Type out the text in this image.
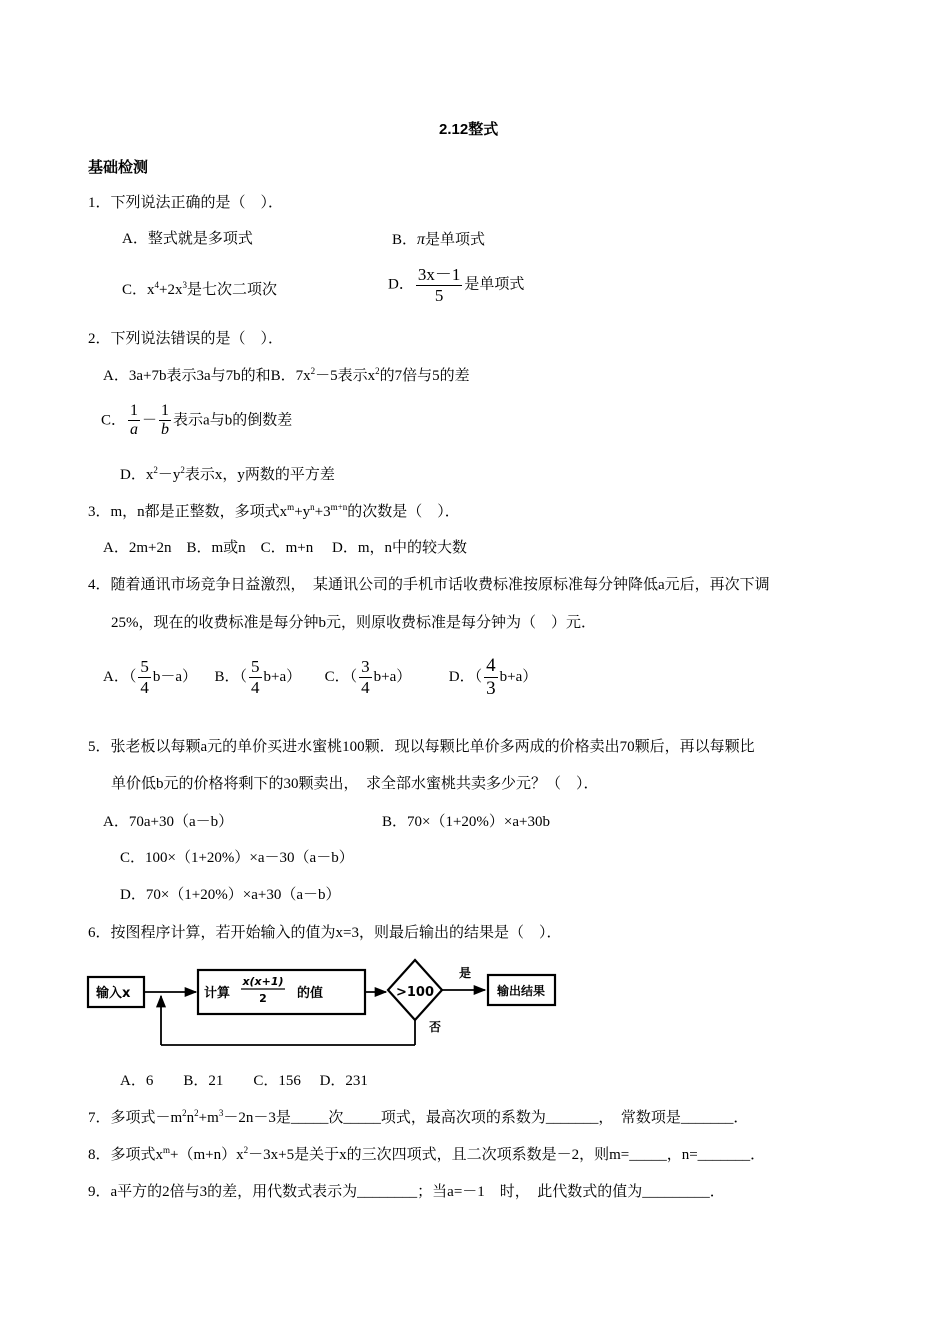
2.12整式
基础检测
1．下列说法正确的是（　）．
A．整式就是多项式	B．π是单项式
C．$x^4+2x^3$是七次二项次	D． $\frac{3x-1}{5}$ 是单项式
2．下列说法错误的是（　）．
A．3a+7b表示3a与7b的和B．$7x^2-5$表示$x^2$的7倍与5的差
C． $\frac{1}{a} - \frac{1}{b}$ 表示a与b的倒数差
D．$x^2-y^2$表示x，y两数的平方差
3．m，n都是正整数，多项式$x^m+y^n+3^{m+n}$的次数是（　）．
A．2m+2n　B．m或n　C．m+n　 D．m，n中的较大数
4．随着通讯市场竞争日益激烈，　某通讯公司的手机市话收费标准按原标准每分钟降低a元后，再次下调
25%，现在的收费标准是每分钟b元，则原收费标准是每分钟为（　）元．
A．（ $\frac{5}{4} b-a$） B．（ $\frac{5}{4} b+a$） C．（ $\frac{3}{4} b+a$）	D．（ $\frac{4}{3} b+a$）
5．张老板以每颗a元的单价买进水蜜桃100颗．现以每颗比单价多两成的价格卖出70颗后，再以每颗比
单价低b元的价格将剩下的30颗卖出，　求全部水蜜桃共卖多少元？（　）．
A．70a+30（a－b）	B．70×（1+20%）×a+30b
C．100×（1+20%）×a－30（a－b）
D．70×（1+20%）×a+30（a－b）
6．按图程序计算，若开始输入的值为x=3，则最后输出的结果是（　）．
输入x	计算
x(x+1)
2 的值	>100
是
输出结果
否
A．6　　B．21　　C．156　 D．231
7．多项式$-m^2n^2+m^3-2n-3$是_____次_____项式，最高次项的系数为_______，　常数项是_______．
8．多项式$x^m+(m+n)x^2-3x+5$是关于x的三次四项式，且二次项系数是－2，则m=_____，n=_______．
9．a平方的2倍与3的差，用代数式表示为________；当a=－1　时，　此代数式的值为_________．
